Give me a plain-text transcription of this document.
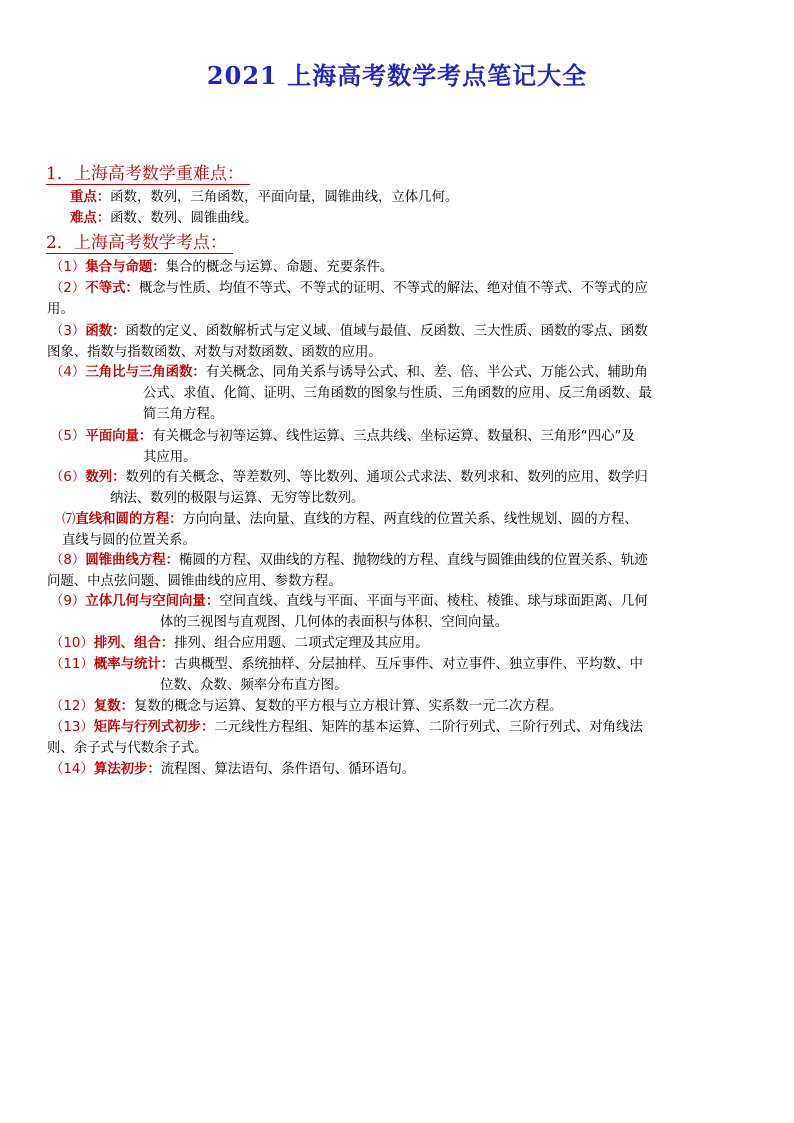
2021 上海高考数学考点笔记大全
1．上海高考数学重难点：
重点：函数，数列，三角函数，平面向量，圆锥曲线，立体几何。
难点：函数、数列、圆锥曲线。
2．上海高考数学考点：
（1）集合与命题：集合的概念与运算、命题、充要条件。
（2）不等式：概念与性质、均值不等式、不等式的证明、不等式的解法、绝对值不等式、不等式的应
用。
（3）函数：函数的定义、函数解析式与定义域、值域与最值、反函数、三大性质、函数的零点、函数
图象、指数与指数函数、对数与对数函数、函数的应用。
（4）三角比与三角函数：有关概念、同角关系与诱导公式、和、差、倍、半公式、万能公式、辅助角
公式、求值、化简、证明、三角函数的图象与性质、三角函数的应用、反三角函数、最
简三角方程。
（5）平面向量：有关概念与初等运算、线性运算、三点共线、坐标运算、数量积、三角形“四心”及
其应用。
（6）数列：数列的有关概念、等差数列、等比数列、通项公式求法、数列求和、数列的应用、数学归
纳法、数列的极限与运算、无穷等比数列。
⑺直线和圆的方程：方向向量、法向量、直线的方程、两直线的位置关系、线性规划、圆的方程、
直线与圆的位置关系。
（8）圆锥曲线方程：椭圆的方程、双曲线的方程、抛物线的方程、直线与圆锥曲线的位置关系、轨迹
问题、中点弦问题、圆锥曲线的应用、参数方程。
（9）立体几何与空间向量：空间直线、直线与平面、平面与平面、棱柱、棱锥、球与球面距离、几何
体的三视图与直观图、几何体的表面积与体积、空间向量。
（10）排列、组合：排列、组合应用题、二项式定理及其应用。
（11）概率与统计：古典概型、系统抽样、分层抽样、互斥事件、对立事件、独立事件、平均数、中
位数、众数、频率分布直方图。
（12）复数：复数的概念与运算、复数的平方根与立方根计算、实系数一元二次方程。
（13）矩阵与行列式初步：二元线性方程组、矩阵的基本运算、二阶行列式、三阶行列式、对角线法
则、余子式与代数余子式。
（14）算法初步：流程图、算法语句、条件语句、循环语句。
